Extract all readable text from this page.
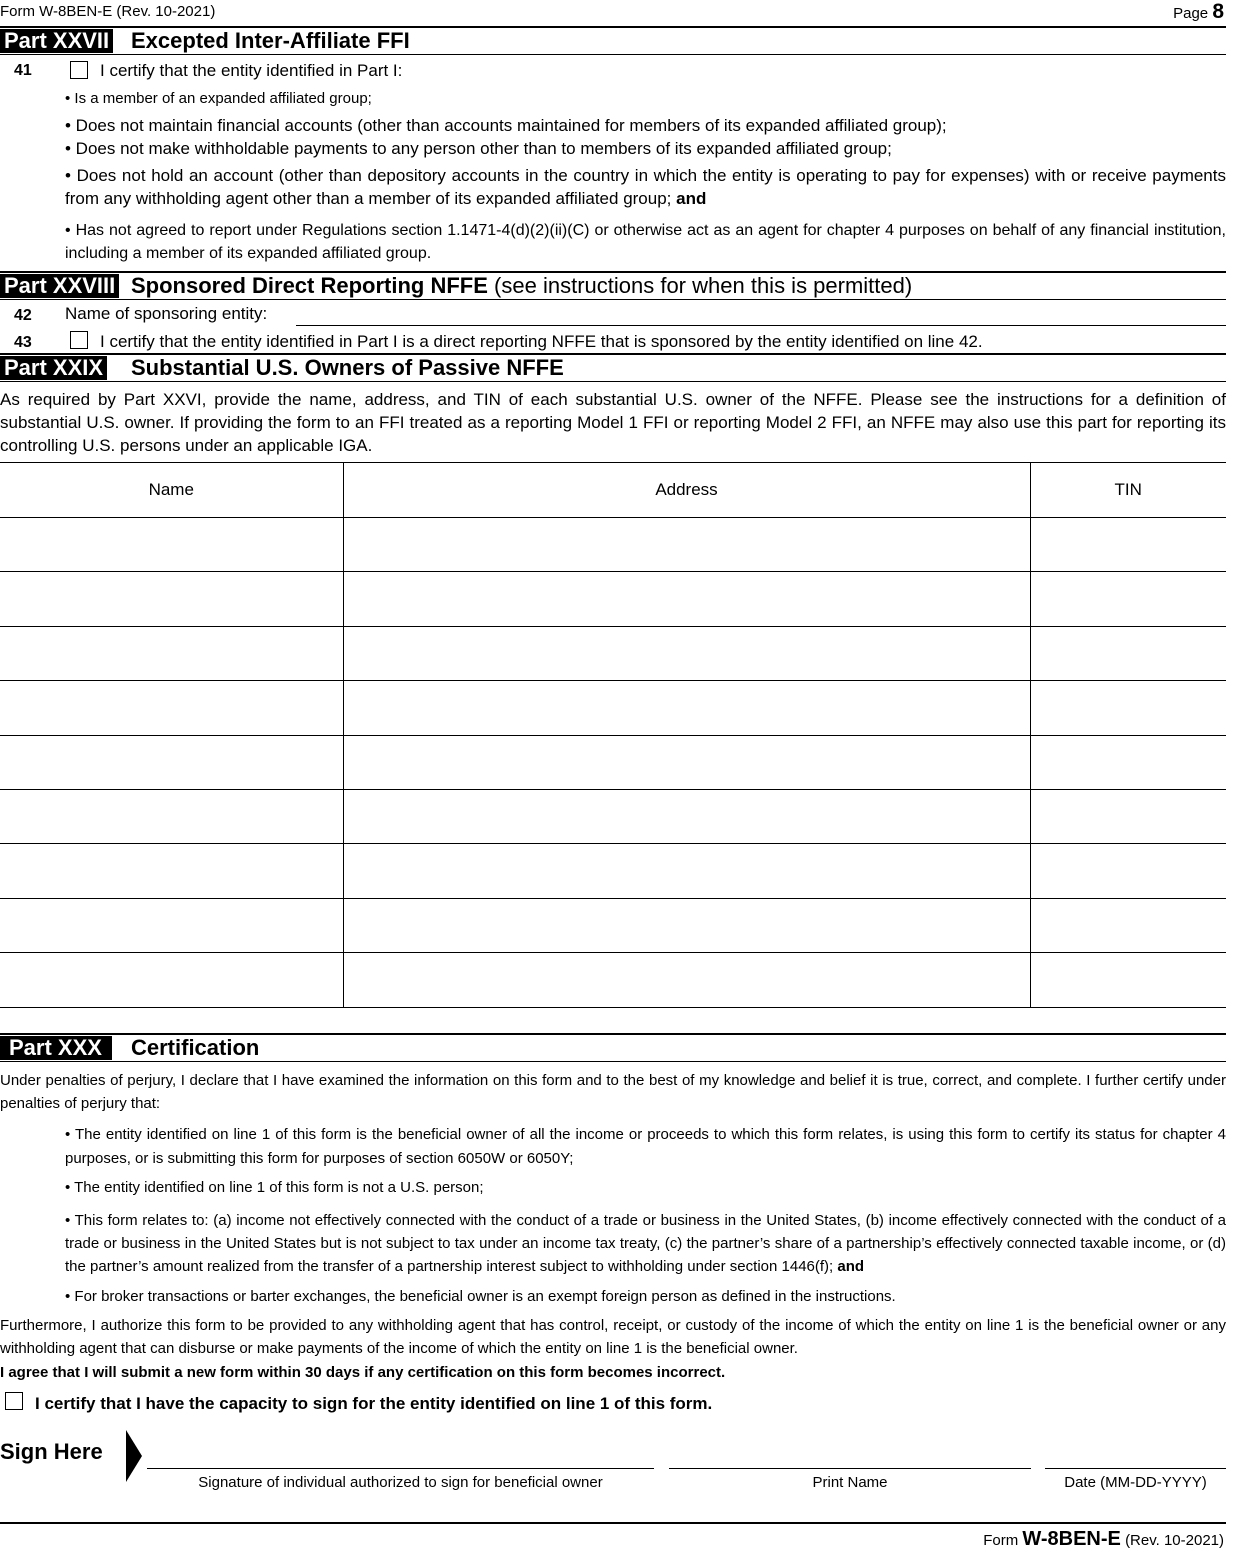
Form W-8BEN-E (Rev. 10-2021)	Page 8
Part XXVII Excepted Inter-Affiliate FFI
41	I certify that the entity identified in Part I:
• Is a member of an expanded affiliated group;
• Does not maintain financial accounts (other than accounts maintained for members of its expanded affiliated group);
• Does not make withholdable payments to any person other than to members of its expanded affiliated group;
• Does not hold an account (other than depository accounts in the country in which the entity is operating to pay for expenses) with or receive payments from any withholding agent other than a member of its expanded affiliated group; and
• Has not agreed to report under Regulations section 1.1471-4(d)(2)(ii)(C) or otherwise act as an agent for chapter 4 purposes on behalf of any financial institution, including a member of its expanded affiliated group.
Part XXVIII Sponsored Direct Reporting NFFE (see instructions for when this is permitted)
42 Name of sponsoring entity:
43	I certify that the entity identified in Part I is a direct reporting NFFE that is sponsored by the entity identified on line 42.
Part XXIX Substantial U.S. Owners of Passive NFFE
As required by Part XXVI, provide the name, address, and TIN of each substantial U.S. owner of the NFFE. Please see the instructions for a definition of substantial U.S. owner. If providing the form to an FFI treated as a reporting Model 1 FFI or reporting Model 2 FFI, an NFFE may also use this part for reporting its controlling U.S. persons under an applicable IGA.
Name	Address	TIN

Part XXX	Certification
Under penalties of perjury, I declare that I have examined the information on this form and to the best of my knowledge and belief it is true, correct, and complete. I further certify under penalties of perjury that:
• The entity identified on line 1 of this form is the beneficial owner of all the income or proceeds to which this form relates, is using this form to certify its status for chapter 4 purposes, or is submitting this form for purposes of section 6050W or 6050Y;
• The entity identified on line 1 of this form is not a U.S. person;
• This form relates to: (a) income not effectively connected with the conduct of a trade or business in the United States, (b) income effectively connected with the conduct of a trade or business in the United States but is not subject to tax under an income tax treaty, (c) the partner’s share of a partnership’s effectively connected taxable income, or (d) the partner’s amount realized from the transfer of a partnership interest subject to withholding under section 1446(f); and
• For broker transactions or barter exchanges, the beneficial owner is an exempt foreign person as defined in the instructions.
Furthermore, I authorize this form to be provided to any withholding agent that has control, receipt, or custody of the income of which the entity on line 1 is the beneficial owner or any withholding agent that can disburse or make payments of the income of which the entity on line 1 is the beneficial owner.
I agree that I will submit a new form within 30 days if any certification on this form becomes incorrect.
I certify that I have the capacity to sign for the entity identified on line 1 of this form.
Sign Here
Signature of individual authorized to sign for beneficial owner	Print Name	Date (MM-DD-YYYY)
Form W-8BEN-E (Rev. 10-2021)
